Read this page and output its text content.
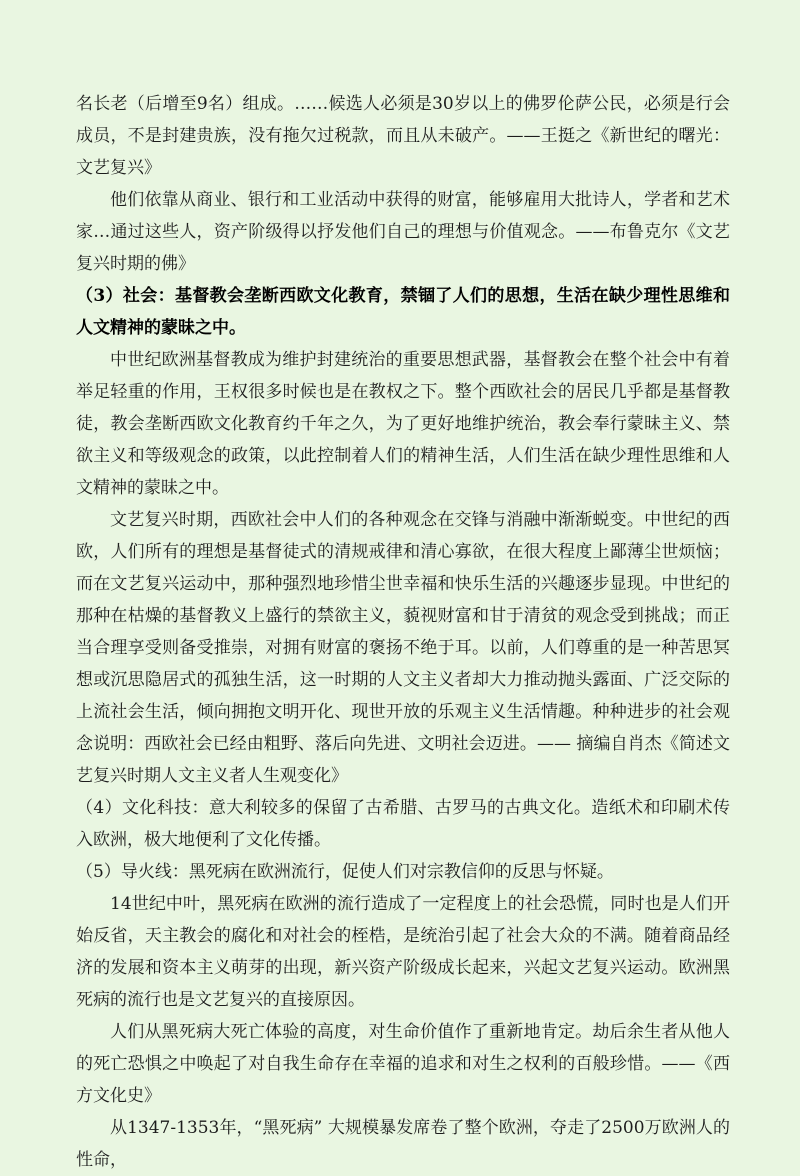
名长老（后增至9名）组成。……候选人必须是30岁以上的佛罗伦萨公民，必须是行会成员，不是封建贵族，没有拖欠过税款，而且从未破产。——王挺之《新世纪的曙光：文艺复兴》

他们依靠从商业、银行和工业活动中获得的财富，能够雇用大批诗人，学者和艺术家…通过这些人，资产阶级得以抒发他们自己的理想与价值观念。——布鲁克尔《文艺复兴时期的佛》

（3）社会：基督教会垄断西欧文化教育，禁锢了人们的思想，生活在缺少理性思维和人文精神的蒙昧之中。

中世纪欧洲基督教成为维护封建统治的重要思想武器，基督教会在整个社会中有着举足轻重的作用，王权很多时候也是在教权之下。整个西欧社会的居民几乎都是基督教徒，教会垄断西欧文化教育约千年之久，为了更好地维护统治，教会奉行蒙昧主义、禁欲主义和等级观念的政策，以此控制着人们的精神生活，人们生活在缺少理性思维和人文精神的蒙昧之中。

文艺复兴时期，西欧社会中人们的各种观念在交锋与消融中渐渐蜕变。中世纪的西欧，人们所有的理想是基督徒式的清规戒律和清心寡欲，在很大程度上鄙薄尘世烦恼；而在文艺复兴运动中，那种强烈地珍惜尘世幸福和快乐生活的兴趣逐步显现。中世纪的那种在枯燥的基督教义上盛行的禁欲主义，藐视财富和甘于清贫的观念受到挑战；而正当合理享受则备受推崇，对拥有财富的褒扬不绝于耳。以前，人们尊重的是一种苦思冥想或沉思隐居式的孤独生活，这一时期的人文主义者却大力推动抛头露面、广泛交际的上流社会生活，倾向拥抱文明开化、现世开放的乐观主义生活情趣。种种进步的社会观念说明：西欧社会已经由粗野、落后向先进、文明社会迈进。—— 摘编自肖杰《简述文艺复兴时期人文主义者人生观变化》

（4）文化科技：意大利较多的保留了古希腊、古罗马的古典文化。造纸术和印刷术传入欧洲，极大地便利了文化传播。

（5）导火线：黑死病在欧洲流行，促使人们对宗教信仰的反思与怀疑。

14世纪中叶，黑死病在欧洲的流行造成了一定程度上的社会恐慌，同时也是人们开始反省，天主教会的腐化和对社会的桎梏，是统治引起了社会大众的不满。随着商品经济的发展和资本主义萌芽的出现，新兴资产阶级成长起来，兴起文艺复兴运动。欧洲黑死病的流行也是文艺复兴的直接原因。

人们从黑死病大死亡体验的高度，对生命价值作了重新地肯定。劫后余生者从他人的死亡恐惧之中唤起了对自我生命存在幸福的追求和对生之权利的百般珍惜。——《西方文化史》

从1347-1353年，“黑死病” 大规模暴发席卷了整个欧洲，夺走了2500万欧洲人的性命，
